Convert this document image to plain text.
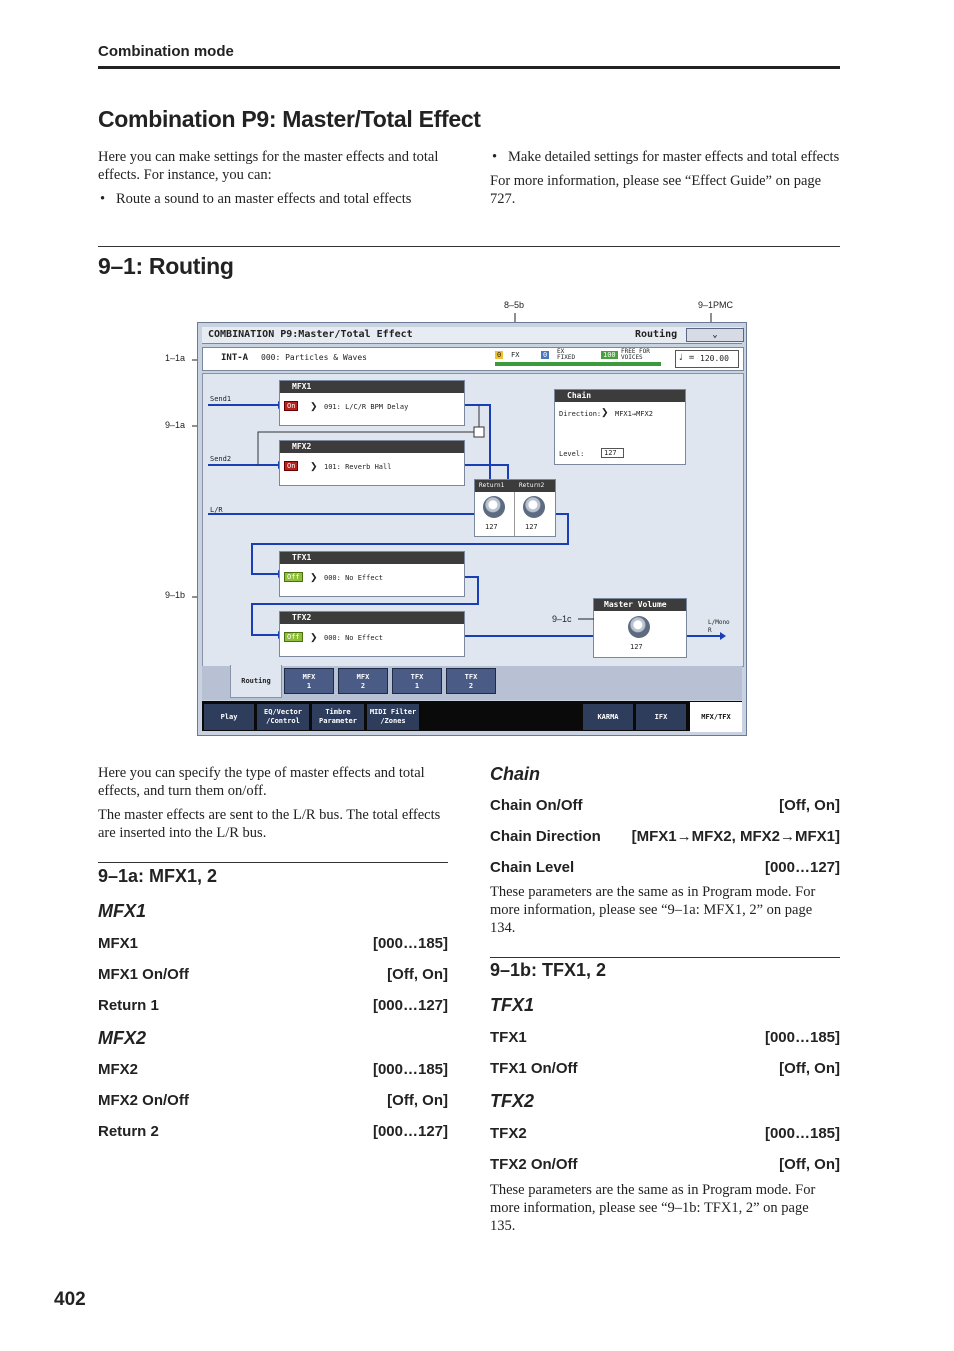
Combination mode
Combination P9: Master/Total Effect
Here you can make settings for the master effects and total effects. For instance, you can:
• Route a sound to an master effects and total effects
• Make detailed settings for master effects and total effects
For more information, please see “Effect Guide” on page 727.
9–1: Routing
8–5b	9–1PMC
1–1a
9–1a
9–1b
COMBINATION P9:Master/Total Effect	Routing	⌄
INT-A 000: Particles & Waves	0 FX	0	EX FIXED	100 FREE FOR VOICES	♩ = 120.00
Send1
Send2
L/R
MFX1
On	❯ 091: L/C/R BPM Delay
MFX2
On	❯ 101: Reverb Hall
Chain
Direction: ❯ MFX1→MFX2
Level:	127
Return1 Return2
127	127
TFX1
Off	❯ 000: No Effect
TFX2
Off	❯ 000: No Effect
Master Volume
127
L/Mono
R
Routing	MFX
1
MFX
2
TFX
1
TFX
2
Play
EQ/Vector
/Control
Timbre
Parameter
MIDI Filter
/Zones	KARMA	IFX	MFX/TFX
9–1c
Here you can specify the type of master effects and total effects, and turn them on/off.
The master effects are sent to the L/R bus. The total effects are inserted into the L/R bus.
9–1a: MFX1, 2
MFX1
MFX1	[000…185]
MFX1 On/Off	[Off, On]
Return 1	[000…127]
MFX2
MFX2	[000…185]
MFX2 On/Off	[Off, On]
Return 2	[000…127]
Chain
Chain On/Off	[Off, On]
Chain Direction [MFX1→MFX2, MFX2→MFX1]
Chain Level	[000…127]
These parameters are the same as in Program mode. For more information, please see “9–1a: MFX1, 2” on page 134.
9–1b: TFX1, 2
TFX1
TFX1	[000…185]
TFX1 On/Off	[Off, On]
TFX2
TFX2	[000…185]
TFX2 On/Off	[Off, On]
These parameters are the same as in Program mode. For more information, please see “9–1b: TFX1, 2” on page 135.
402
